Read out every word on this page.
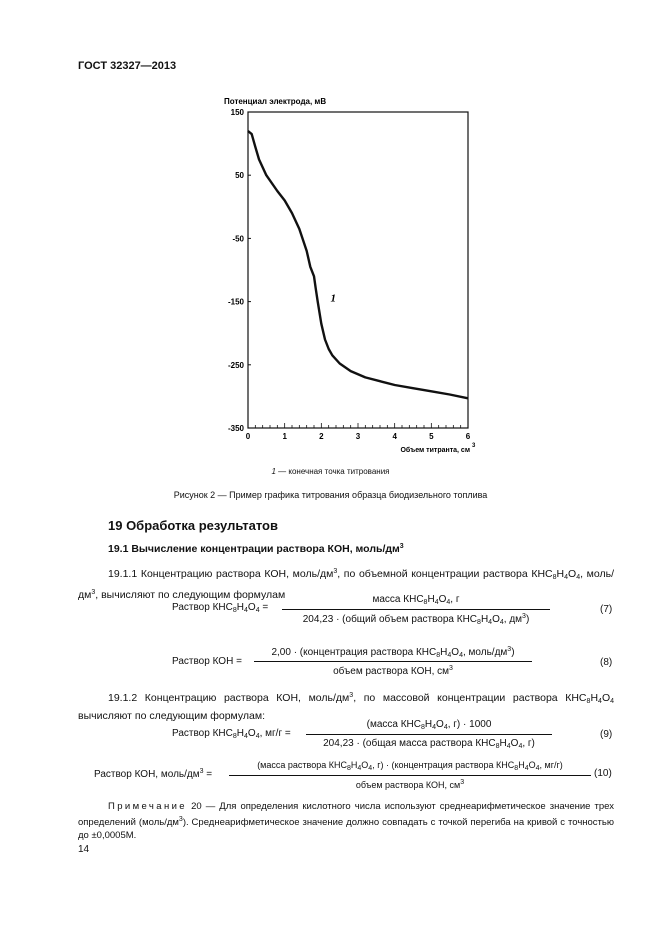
ГОСТ 32327—2013
Потенциал электрода, мВ
150
50
-50
-150
-250
-350
0	1	2	3	4	5	6
Объем титранта, см
3
1
1 — конечная точка титрования
Рисунок 2 — Пример графика титрования образца биодизельного топлива
19 Обработка результатов
19.1 Вычисление концентрации раствора КОН, моль/$дм^3$
19.1.1 Концентрацию раствора КОН, моль/$дм^3$, по объемной концентрации раствора $КНС_8Н_4О_4$, моль/$дм^3$, вычисляют по следующим формулам
Раствор $КНС_8Н_4О_4$ =
масса $КНС_8Н_4О_4$, г
204,23 · (общий объем раствора $КНС_8Н_4О_4$, $дм^3$)
(7)
Раствор КОН =
2,00 · (концентрация раствора $КНС_8Н_4О_4$, моль/$дм^3$)
объем раствора КОН, $см^3$
(8)
19.1.2 Концентрацию раствора КОН, моль/$дм^3$, по массовой концентрации раствора $КНС_8Н_4О_4$ вычисляют по следующим формулам:
Раствор $КНС_8Н_4О_4$, мг/г =
(масса $КНС_8Н_4О_4$, г) · 1000
204,23 · (общая масса раствора $КНС_8Н_4О_4$, г)
(9)
Раствор КОН, моль/$дм^3$ =
(масса раствора $КНС_8Н_4О_4$, г) · (концентрация раствора $КНС_8Н_4О_4$, мг/г)
объем раствора КОН, $см^3$
(10)
Примечание 20 — Для определения кислотного числа используют среднеарифметическое значение трех определений $(моль/дм^3)$. Среднеарифметическое значение должно совпадать с точкой перегиба на кривой с точностью до ±0,0005М.
14
